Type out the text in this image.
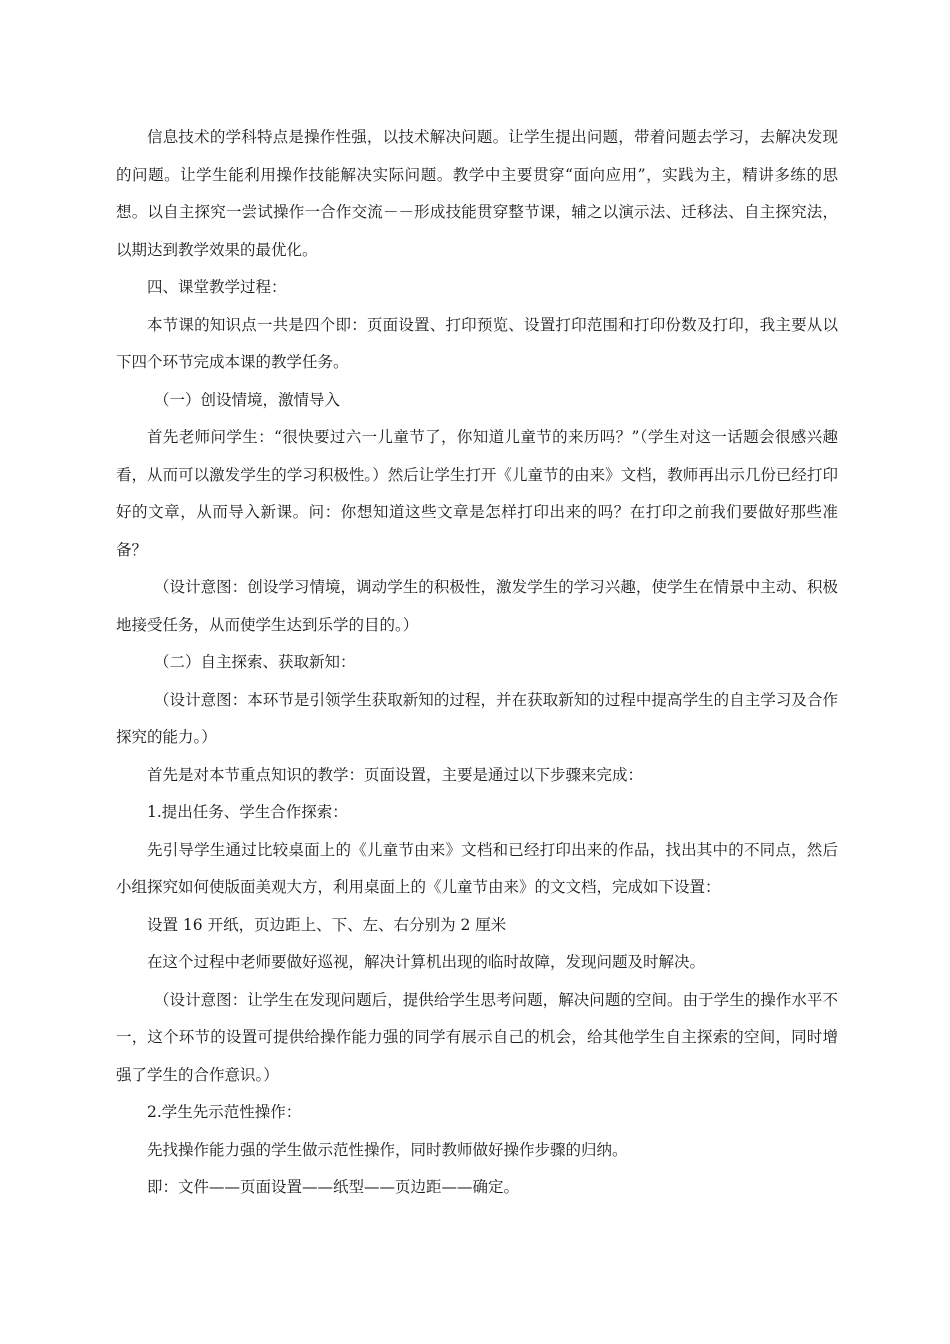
信息技术的学科特点是操作性强，以技术解决问题。让学生提出问题，带着问题去学习，去解决发现的问题。让学生能利用操作技能解决实际问题。教学中主要贯穿“面向应用”，实践为主，精讲多练的思想。以自主探究一尝试操作一合作交流－－形成技能贯穿整节课，辅之以演示法、迁移法、自主探究法，以期达到教学效果的最优化。

四、课堂教学过程：

本节课的知识点一共是四个即：页面设置、打印预览、设置打印范围和打印份数及打印，我主要从以下四个环节完成本课的教学任务。

（一）创设情境，激情导入

首先老师问学生：“很快要过六一儿童节了，你知道儿童节的来历吗？”（学生对这一话题会很感兴趣看，从而可以激发学生的学习积极性。）然后让学生打开《儿童节的由来》文档，教师再出示几份已经打印好的文章，从而导入新课。问：你想知道这些文章是怎样打印出来的吗？在打印之前我们要做好那些准备？

（设计意图：创设学习情境，调动学生的积极性，激发学生的学习兴趣，使学生在情景中主动、积极地接受任务，从而使学生达到乐学的目的。）

（二）自主探索、获取新知：

（设计意图：本环节是引领学生获取新知的过程，并在获取新知的过程中提高学生的自主学习及合作探究的能力。）

首先是对本节重点知识的教学：页面设置，主要是通过以下步骤来完成：

1.提出任务、学生合作探索：

先引导学生通过比较桌面上的《儿童节由来》文档和已经打印出来的作品，找出其中的不同点，然后小组探究如何使版面美观大方，利用桌面上的《儿童节由来》的文文档，完成如下设置：

设置 16 开纸，页边距上、下、左、右分别为 2 厘米

在这个过程中老师要做好巡视，解决计算机出现的临时故障，发现问题及时解决。

（设计意图：让学生在发现问题后，提供给学生思考问题，解决问题的空间。由于学生的操作水平不一，这个环节的设置可提供给操作能力强的同学有展示自己的机会，给其他学生自主探索的空间，同时增强了学生的合作意识。）

2.学生先示范性操作：

先找操作能力强的学生做示范性操作，同时教师做好操作步骤的归纳。

即：文件——页面设置——纸型——页边距——确定。
